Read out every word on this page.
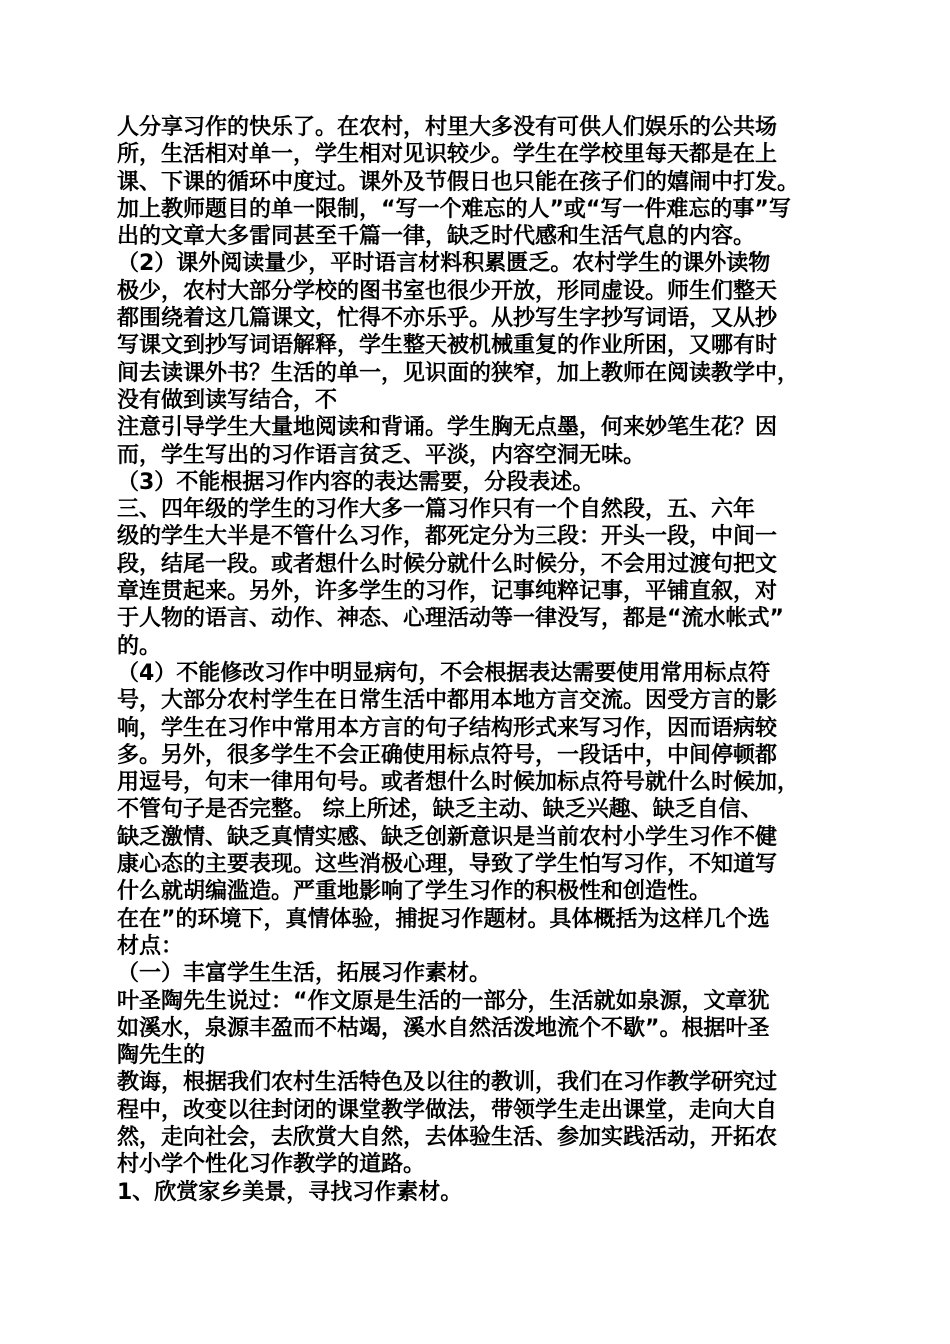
人分享习作的快乐了。在农村，村里大多没有可供人们娱乐的公共场
所，生活相对单一，学生相对见识较少。学生在学校里每天都是在上
课、下课的循环中度过。课外及节假日也只能在孩子们的嬉闹中打发。
加上教师题目的单一限制，“写一个难忘的人”或“写一件难忘的事”写
出的文章大多雷同甚至千篇一律，缺乏时代感和生活气息的内容。
（2）课外阅读量少，平时语言材料积累匮乏。农村学生的课外读物
极少，农村大部分学校的图书室也很少开放，形同虚设。师生们整天
都围绕着这几篇课文，忙得不亦乐乎。从抄写生字抄写词语，又从抄
写课文到抄写词语解释，学生整天被机械重复的作业所困，又哪有时
间去读课外书？生活的单一，见识面的狭窄，加上教师在阅读教学中，
没有做到读写结合，不
注意引导学生大量地阅读和背诵。学生胸无点墨，何来妙笔生花？因
而，学生写出的习作语言贫乏、平淡，内容空洞无味。
（3）不能根据习作内容的表达需要，分段表述。
三、四年级的学生的习作大多一篇习作只有一个自然段，五、六年
级的学生大半是不管什么习作，都死定分为三段：开头一段，中间一
段，结尾一段。或者想什么时候分就什么时候分，不会用过渡句把文
章连贯起来。另外，许多学生的习作，记事纯粹记事，平铺直叙，对
于人物的语言、动作、神态、心理活动等一律没写，都是“流水帐式”
的。
（4）不能修改习作中明显病句，不会根据表达需要使用常用标点符
号，大部分农村学生在日常生活中都用本地方言交流。因受方言的影
响，学生在习作中常用本方言的句子结构形式来写习作，因而语病较
多。另外，很多学生不会正确使用标点符号，一段话中，中间停顿都
用逗号，句末一律用句号。或者想什么时候加标点符号就什么时候加，
不管句子是否完整。 综上所述，缺乏主动、缺乏兴趣、缺乏自信、
缺乏激情、缺乏真情实感、缺乏创新意识是当前农村小学生习作不健
康心态的主要表现。这些消极心理，导致了学生怕写习作，不知道写
什么就胡编滥造。严重地影响了学生习作的积极性和创造性。
在在”的环境下，真情体验，捕捉习作题材。具体概括为这样几个选
材点：
（一）丰富学生生活，拓展习作素材。
叶圣陶先生说过：“作文原是生活的一部分，生活就如泉源，文章犹
如溪水，泉源丰盈而不枯竭，溪水自然活泼地流个不歇”。根据叶圣
陶先生的
教诲，根据我们农村生活特色及以往的教训，我们在习作教学研究过
程中，改变以往封闭的课堂教学做法，带领学生走出课堂，走向大自
然，走向社会，去欣赏大自然，去体验生活、参加实践活动，开拓农
村小学个性化习作教学的道路。
1、欣赏家乡美景，寻找习作素材。
